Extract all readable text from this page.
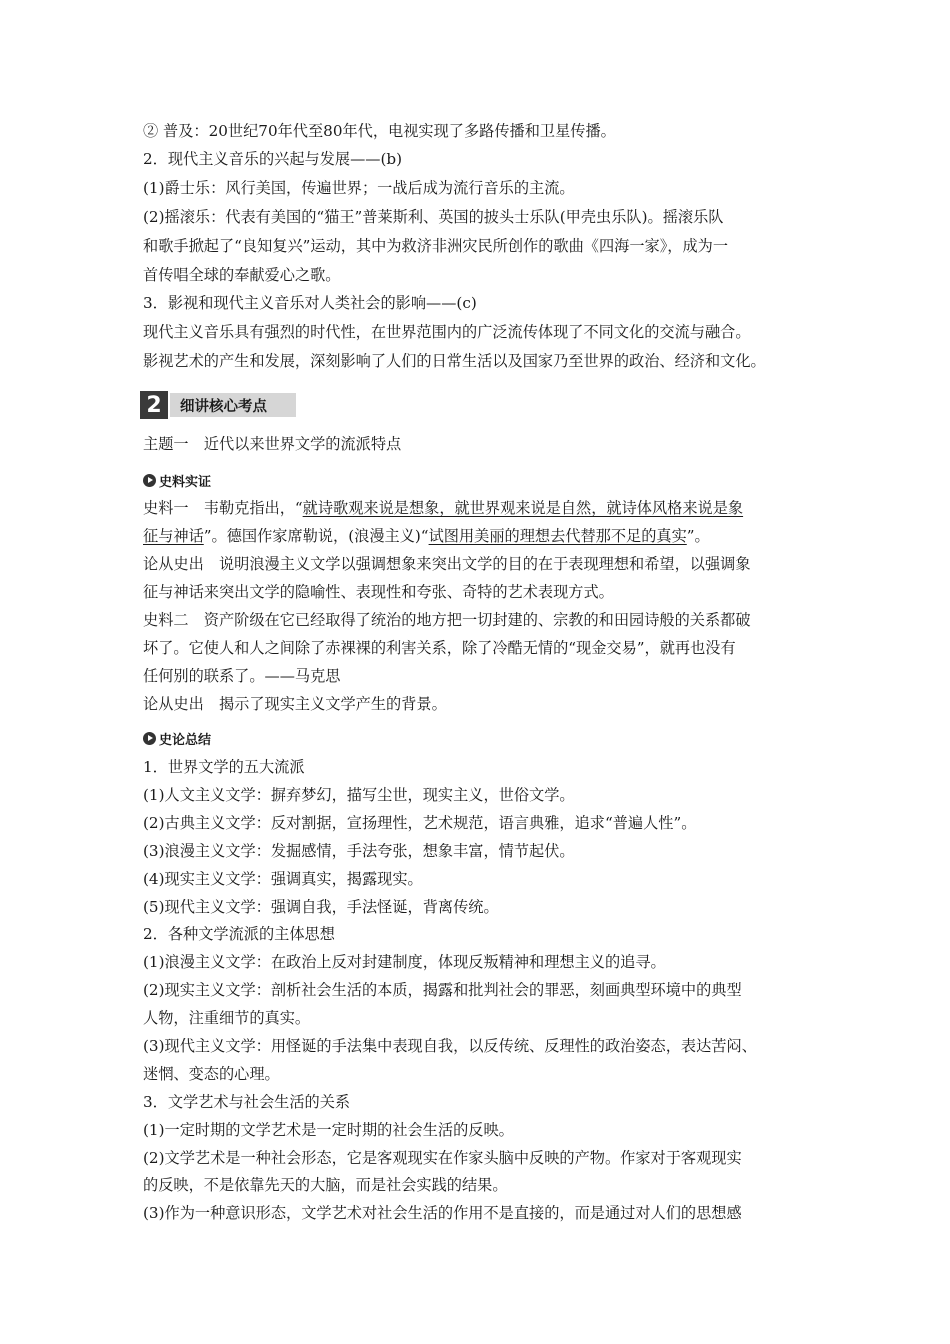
② 普及：20世纪70年代至80年代，电视实现了多路传播和卫星传播。
2．现代主义音乐的兴起与发展——(b)
(1)爵士乐：风行美国，传遍世界；一战后成为流行音乐的主流。
(2)摇滚乐：代表有美国的“猫王”普莱斯利、英国的披头士乐队(甲壳虫乐队)。摇滚乐队
和歌手掀起了“良知复兴”运动，其中为救济非洲灾民所创作的歌曲《四海一家》，成为一
首传唱全球的奉献爱心之歌。
3．影视和现代主义音乐对人类社会的影响——(c)
现代主义音乐具有强烈的时代性，在世界范围内的广泛流传体现了不同文化的交流与融合。
影视艺术的产生和发展，深刻影响了人们的日常生活以及国家乃至世界的政治、经济和文化。
2	细讲核心考点
主题一　近代以来世界文学的流派特点
史料实证
史料一　韦勒克指出，“就诗歌观来说是想象，就世界观来说是自然，就诗体风格来说是象
征与神话”。德国作家席勒说，(浪漫主义)“试图用美丽的理想去代替那不足的真实”。
论从史出　说明浪漫主义文学以强调想象来突出文学的目的在于表现理想和希望，以强调象
征与神话来突出文学的隐喻性、表现性和夸张、奇特的艺术表现方式。
史料二　资产阶级在它已经取得了统治的地方把一切封建的、宗教的和田园诗般的关系都破
坏了。它使人和人之间除了赤裸裸的利害关系，除了冷酷无情的“现金交易”，就再也没有
任何别的联系了。——马克思
论从史出　揭示了现实主义文学产生的背景。
史论总结
1．世界文学的五大流派
(1)人文主义文学：摒弃梦幻，描写尘世，现实主义，世俗文学。
(2)古典主义文学：反对割据，宣扬理性，艺术规范，语言典雅，追求“普遍人性”。
(3)浪漫主义文学：发掘感情，手法夸张，想象丰富，情节起伏。
(4)现实主义文学：强调真实，揭露现实。
(5)现代主义文学：强调自我，手法怪诞，背离传统。
2．各种文学流派的主体思想
(1)浪漫主义文学：在政治上反对封建制度，体现反叛精神和理想主义的追寻。
(2)现实主义文学：剖析社会生活的本质，揭露和批判社会的罪恶，刻画典型环境中的典型
人物，注重细节的真实。
(3)现代主义文学：用怪诞的手法集中表现自我，以反传统、反理性的政治姿态，表达苦闷、
迷惘、变态的心理。
3．文学艺术与社会生活的关系
(1)一定时期的文学艺术是一定时期的社会生活的反映。
(2)文学艺术是一种社会形态，它是客观现实在作家头脑中反映的产物。作家对于客观现实
的反映，不是依靠先天的大脑，而是社会实践的结果。
(3)作为一种意识形态，文学艺术对社会生活的作用不是直接的，而是通过对人们的思想感
